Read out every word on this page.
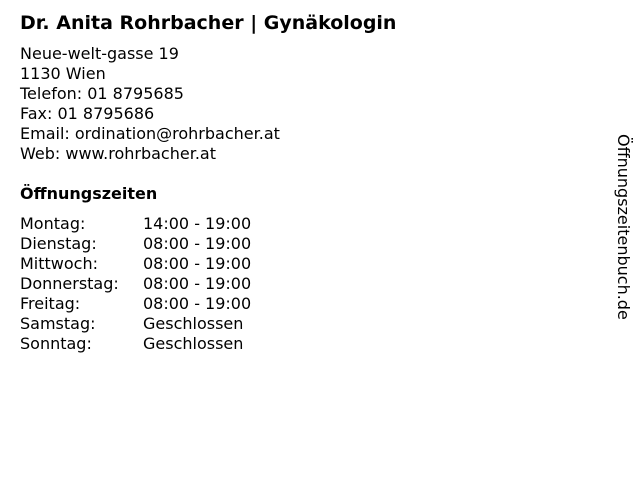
Dr. Anita Rohrbacher | Gynäkologin
Neue-welt-gasse 19
1130 Wien
Telefon: 01 8795685
Fax: 01 8795686
Email: ordination@rohrbacher.at
Web: www.rohrbacher.at
Öffnungszeiten
Montag:	14:00 - 19:00
Dienstag:	08:00 - 19:00
Mittwoch:	08:00 - 19:00
Donnerstag:	08:00 - 19:00
Freitag:	08:00 - 19:00
Samstag:	Geschlossen
Sonntag:	Geschlossen
Öffnungszeitenbuch.de
